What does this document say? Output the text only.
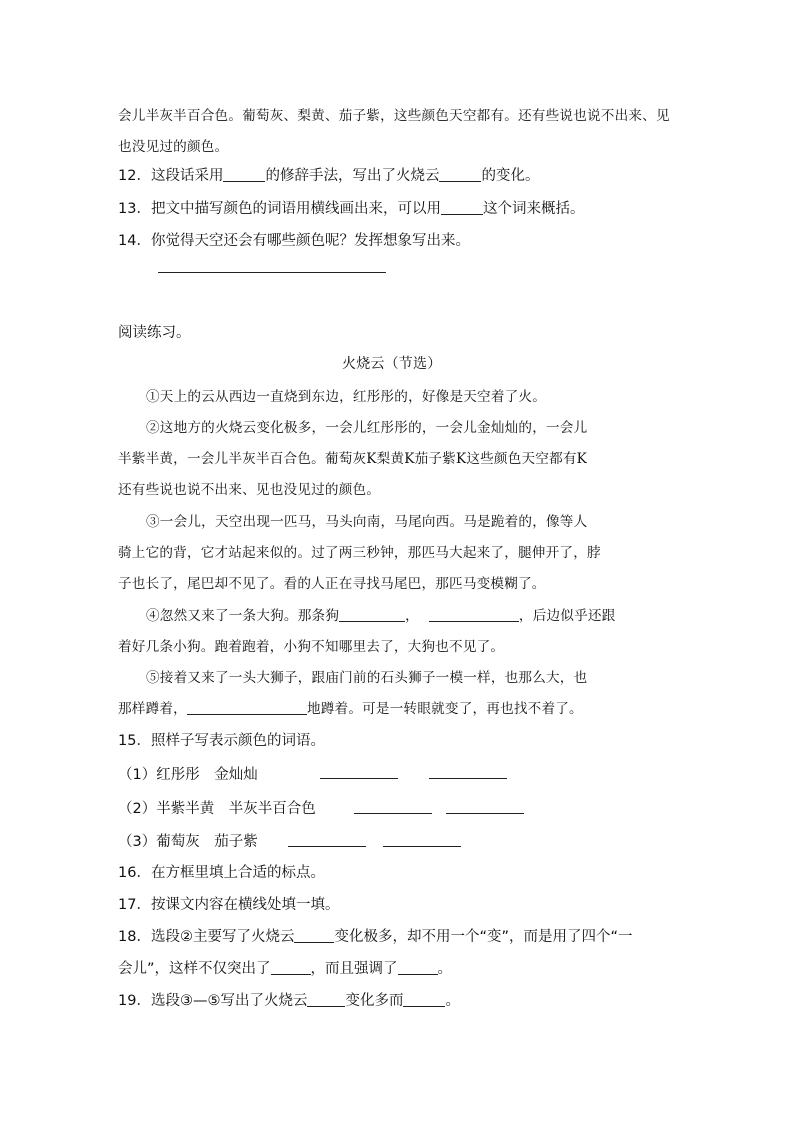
会儿半灰半百合色。葡萄灰、梨黄、茄子紫，这些颜色天空都有。还有些说也说不出来、见
也没见过的颜色。
12．这段话采用	的修辞手法，写出了火烧云	的变化。
13．把文中描写颜色的词语用横线画出来，可以用	这个词来概括。
14．你觉得天空还会有哪些颜色呢？发挥想象写出来。
阅读练习。
火烧云（节选）
①天上的云从西边一直烧到东边，红彤彤的，好像是天空着了火。
②这地方的火烧云变化极多，一会儿红彤彤的，一会儿金灿灿的，一会儿
半紫半黄，一会儿半灰半百合色。葡萄灰K梨黄K茄子紫K这些颜色天空都有K
还有些说也说不出来、见也没见过的颜色。
③一会儿，天空出现一匹马，马头向南，马尾向西。马是跪着的，像等人
骑上它的背，它才站起来似的。过了两三秒钟，那匹马大起来了，腿伸开了，脖
子也长了，尾巴却不见了。看的人正在寻找马尾巴，那匹马变模糊了。
④忽然又来了一条大狗。那条狗	，	，后边似乎还跟
着好几条小狗。跑着跑着，小狗不知哪里去了，大狗也不见了。
⑤接着又来了一头大狮子，跟庙门前的石头狮子一模一样，也那么大，也
那样蹲着，	地蹲着。可是一转眼就变了，再也找不着了。
15．照样子写表示颜色的词语。
（1）红彤彤　金灿灿
（2）半紫半黄　半灰半百合色
（3）葡萄灰　茄子紫
16．在方框里填上合适的标点。
17．按课文内容在横线处填一填。
18．选段②主要写了火烧云	变化极多，却不用一个“变”，而是用了四个“一
会儿”，这样不仅突出了	，而且强调了	。
19．选段③—⑤写出了火烧云	变化多而	。
